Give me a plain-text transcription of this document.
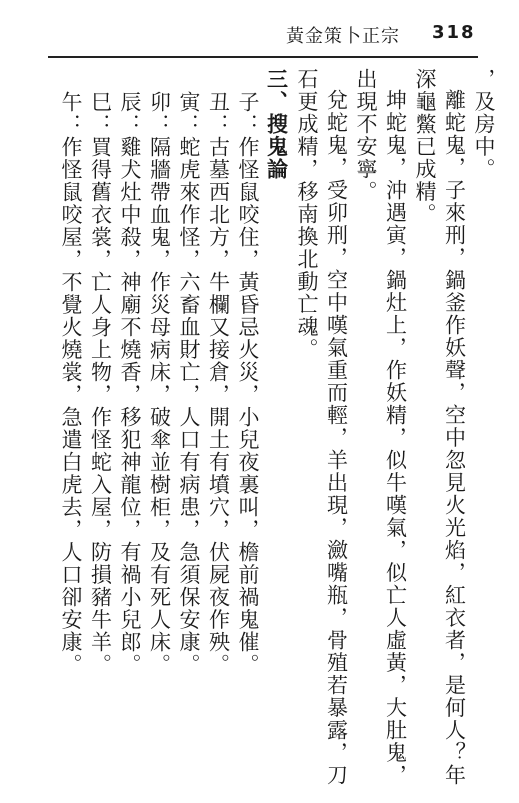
黃金策卜正宗 318
，及房中。
離蛇鬼，子來刑，鍋釜作妖聲，空中忽見火光焰，紅衣者，是何人？年
深龜鱉已成精。
坤蛇鬼，沖遇寅，鍋灶上，作妖精，似牛嘆氣，似亡人虛黃，大肚鬼，
出現不安寧。
兌蛇鬼，受卯刑，空中嘆氣重而輕，羊出現，瀲嘴瓶，骨殖若暴露，刀
石更成精，移南換北動亡魂。
三、搜鬼論
子：作怪鼠咬住，黃昏忌火災，小兒夜裏叫，檐前禍鬼催。
丑：古墓西北方，牛欄又接倉，開土有墳穴，伏屍夜作殃。
寅：蛇虎來作怪，六畜血財亡，人口有病患，急須保安康。
卯：隔牆帶血鬼，作災母病床，破傘並樹柜，及有死人床。
辰：雞犬灶中殺，神廟不燒香，移犯神龍位，有禍小兒郎。
巳：買得舊衣裳，亡人身上物，作怪蛇入屋，防損豬牛羊。
午：作怪鼠咬屋，不覺火燒裳，急遣白虎去，人口卻安康。
